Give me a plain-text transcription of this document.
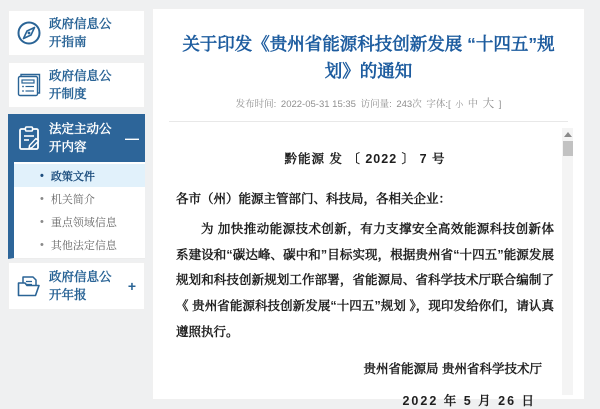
政府信息公开指南
政府信息公开制度
法定主动公开内容
—
• 政策文件
• 机关简介
• 重点领域信息
• 其他法定信息
政府信息公开年报
+
关于印发《贵州省能源科技创新发展 “十四五”规划》的通知
发布时间: 2022-05-31 15:35 访问量: 243次 字体:[ 小 中 大 ]

黔能源 发 〔 2022 〕 7 号

各市（州）能源主管部门、科技局，各相关企业：

为 加快推动能源技术创新，有力支撑安全高效能源科技创新体系建设和“碳达峰、碳中和”目标实现，根据贵州省“十四五”能源发展规划和科技创新规划工作部署，省能源局、省科学技术厅联合编制了 《 贵州省能源科技创新发展“十四五”规划 》，现印发给你们，请认真遵照执行。

贵州省能源局 贵州省科学技术厅

2022 年 5 月 26 日
